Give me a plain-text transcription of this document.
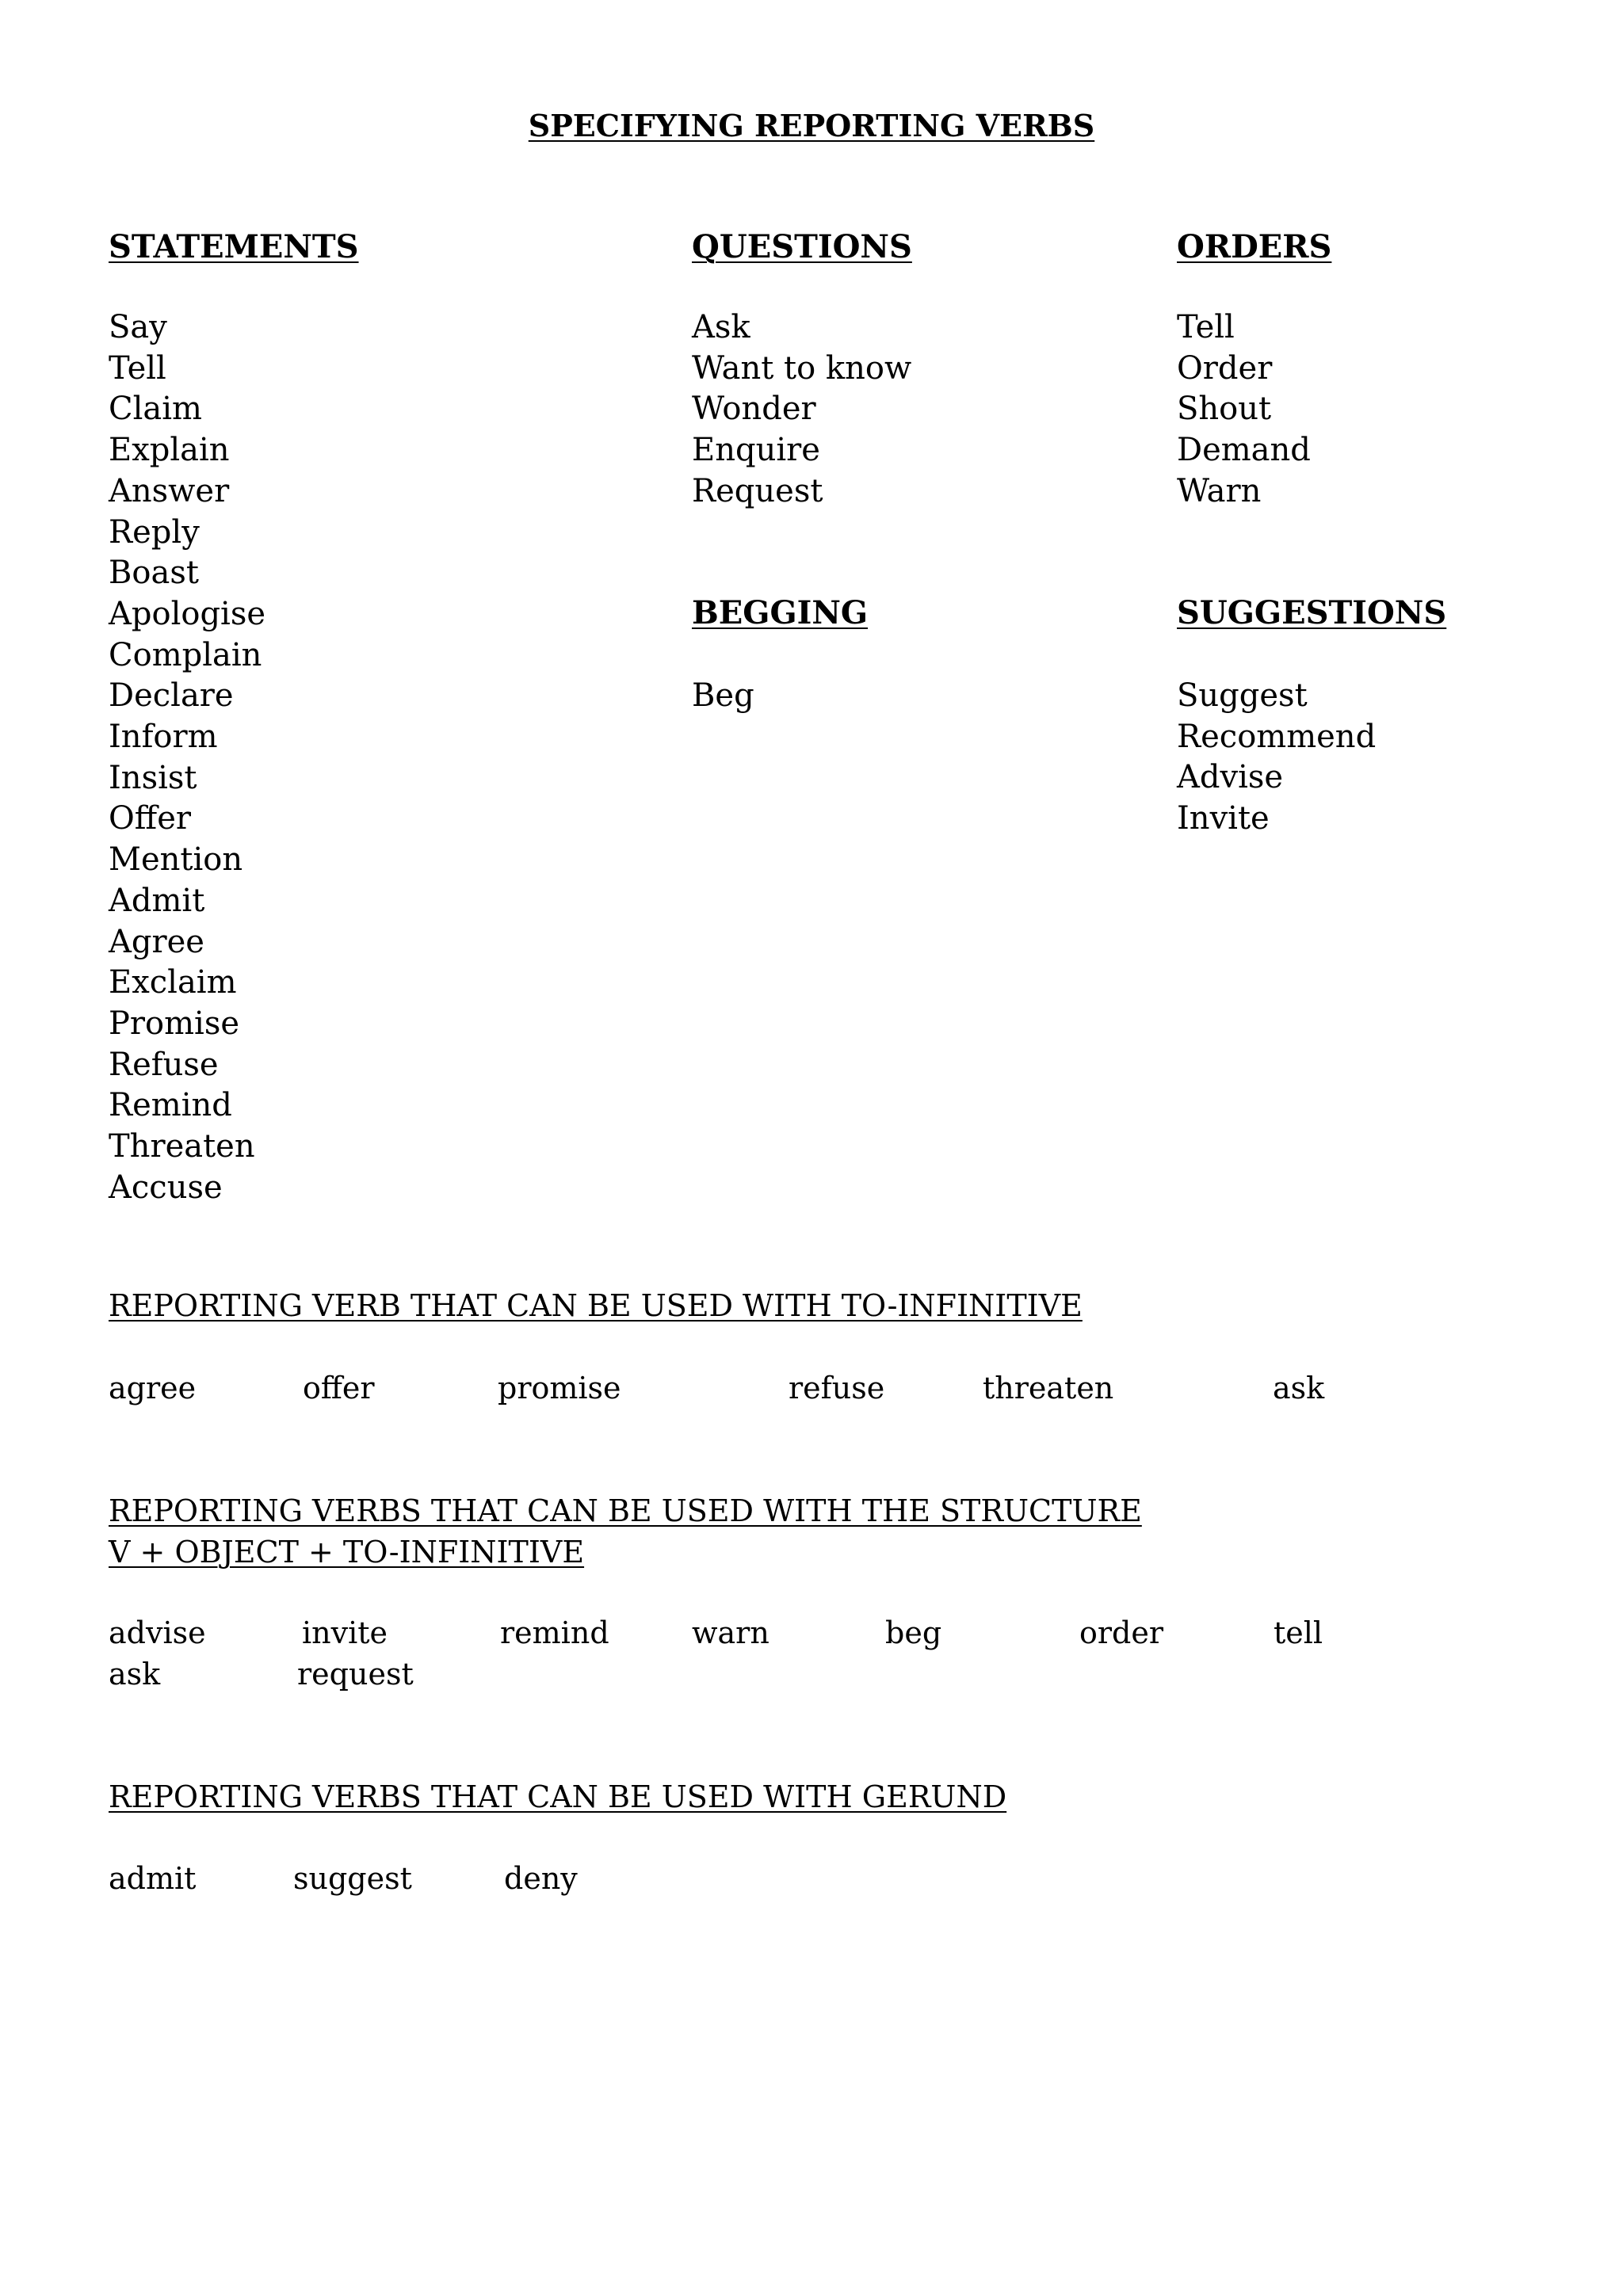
SPECIFYING REPORTING VERBS
STATEMENTS
Say
Tell
Claim
Explain
Answer
Reply
Boast
Apologise
Complain
Declare
Inform
Insist
Offer
Mention
Admit
Agree
Exclaim
Promise
Refuse
Remind
Threaten
Accuse
QUESTIONS
Ask
Want to know
Wonder
Enquire
Request
BEGGING
Beg
ORDERS
Tell
Order
Shout
Demand
Warn
SUGGESTIONS
Suggest
Recommend
Advise
Invite
REPORTING VERB THAT CAN BE USED WITH TO-INFINITIVE
agree	offer	promise	refuse	threaten	ask
REPORTING VERBS THAT CAN BE USED WITH THE STRUCTURE
V + OBJECT + TO-INFINITIVE
advise	invite	remind	warn	beg	order	tell
ask	request
REPORTING VERBS THAT CAN BE USED WITH GERUND
admit	suggest	deny
